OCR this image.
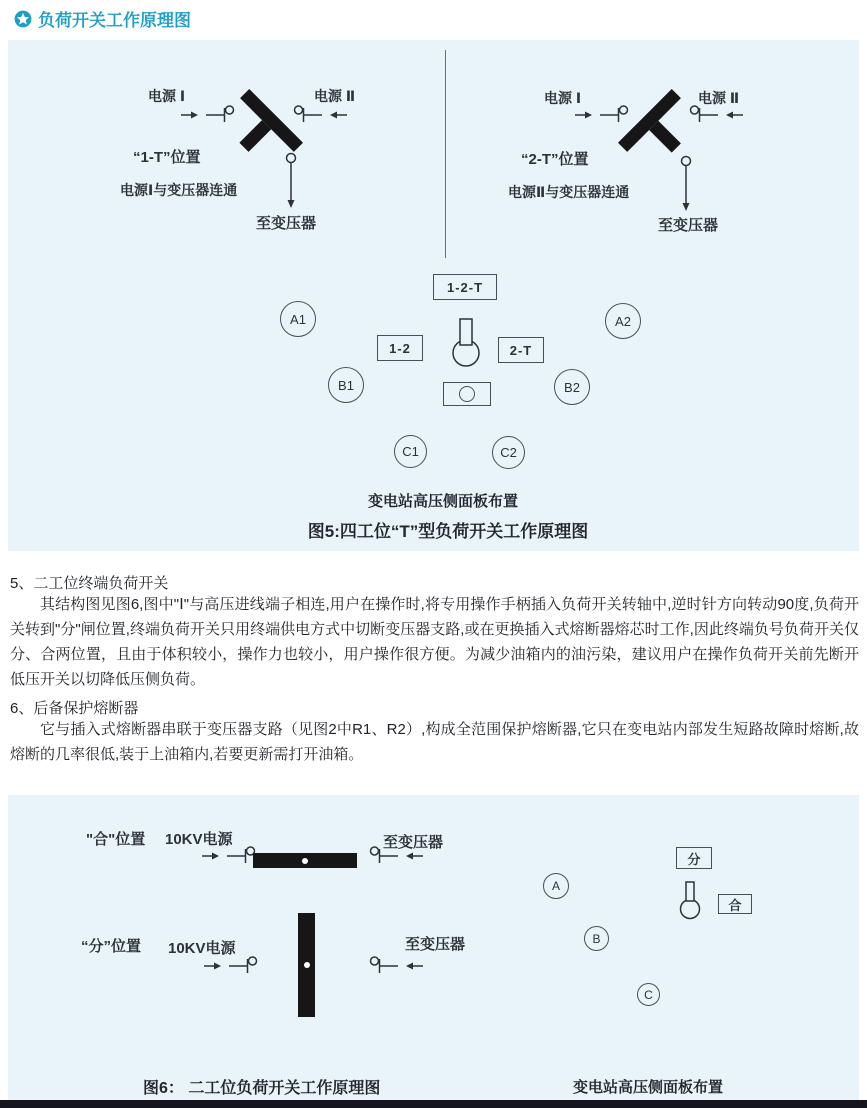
负荷开关工作原理图
电源 Ⅰ	电源 Ⅱ
“1-T”位置
电源Ⅰ与变压器连通
至变压器
电源 Ⅰ	电源 Ⅱ
“2-T”位置
电源Ⅱ与变压器连通
至变压器
1-2-T
A1	A2
1-2	2-T
B1	B2
C1	C2
变电站高压侧面板布置
图5:四工位“T”型负荷开关工作原理图
5、二工位终端负荷开关
其结构图见图6,图中"Ⅰ"与高压进线端子相连,用户在操作时,将专用操作手柄插入负荷开关转轴中,逆时针方向转动90度,负荷开关转到"分"闸位置,终端负荷开关只用终端供电方式中切断变压器支路,或在更换插入式熔断器熔芯时工作,因此终端负号负荷开关仅分、合两位置，且由于体积较小，操作力也较小，用户操作很方便。为减少油箱内的油污染，建议用户在操作负荷开关前先断开低压开关以切降低压侧负荷。
6、后备保护熔断器
它与插入式熔断器串联于变压器支路（见图2中R1、R2）,构成全范围保护熔断器,它只在变电站内部发生短路故障时熔断,故熔断的几率很低,装于上油箱内,若要更新需打开油箱。
"合"位置 10KV电源	至变压器
“分”位置 10KV电源	至变压器
分
A
合
B
C
图6： 二工位负荷开关工作原理图	变电站高压侧面板布置
